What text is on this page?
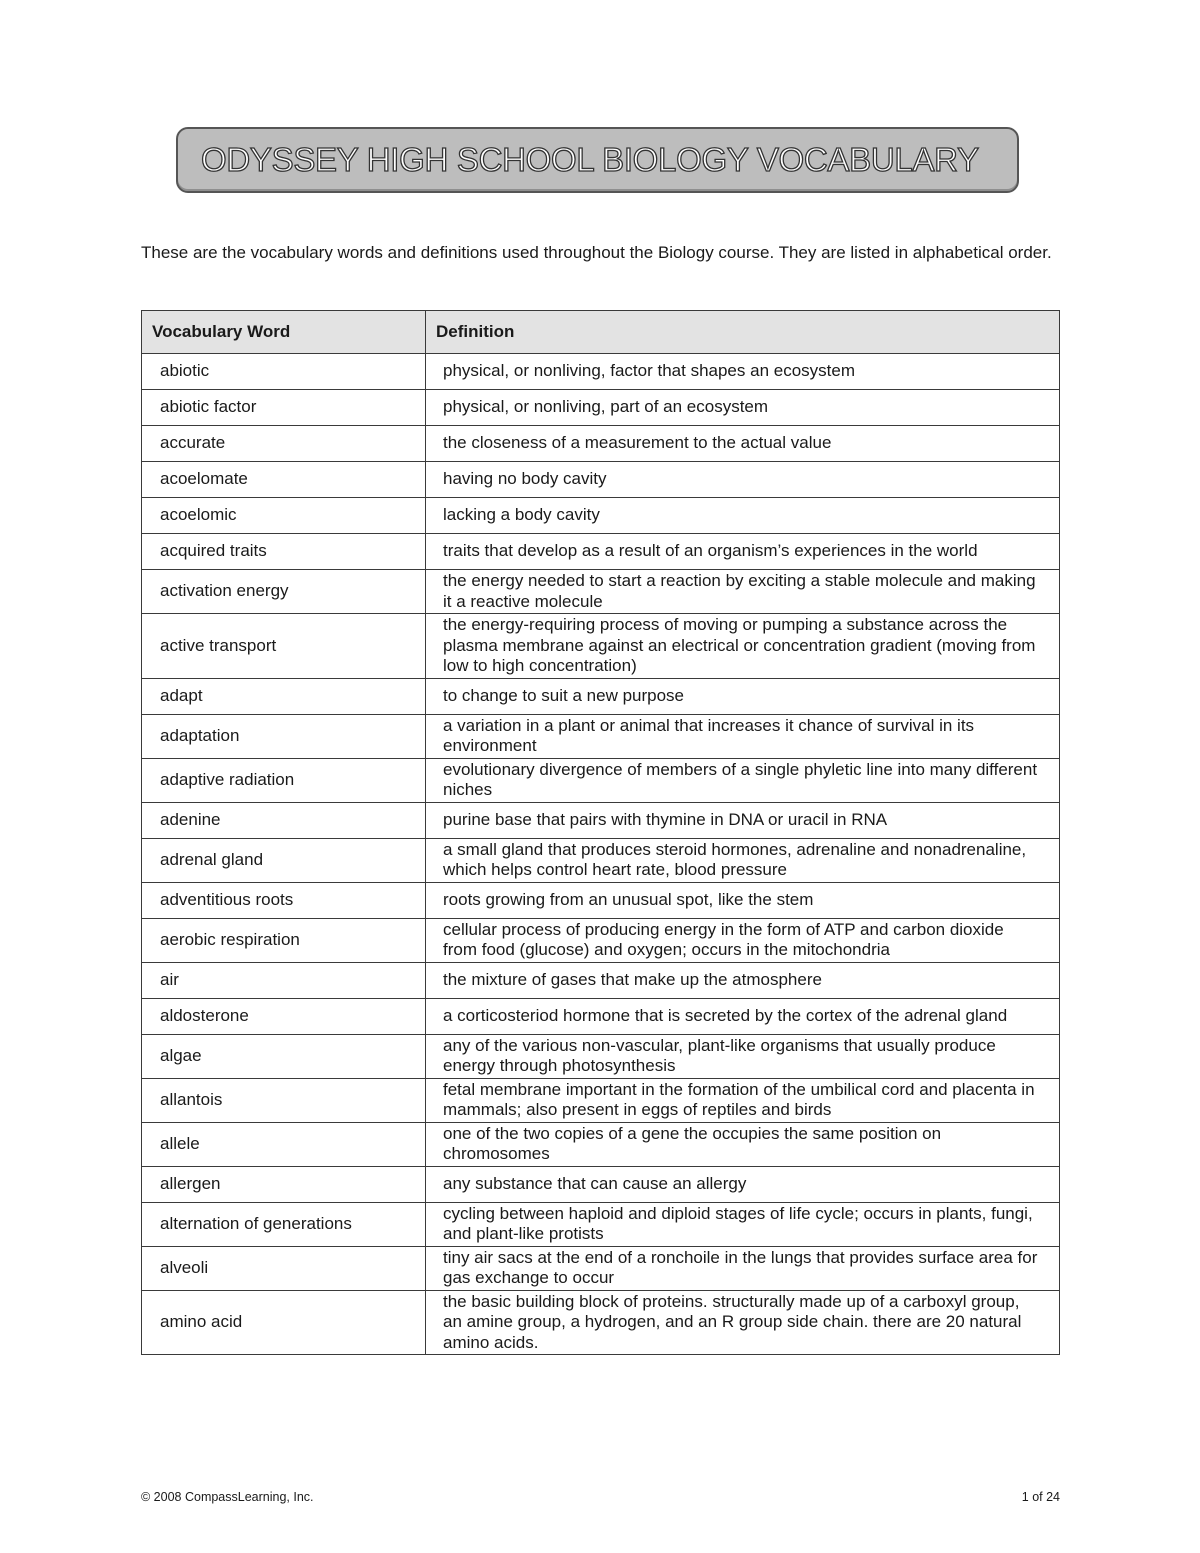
ODYSSEY HIGH SCHOOL BIOLOGY VOCABULARY

These are the vocabulary words and definitions used throughout the Biology course. They are listed in alphabetical order.

Vocabulary Word	Definition
abiotic	physical, or nonliving, factor that shapes an ecosystem
abiotic factor	physical, or nonliving, part of an ecosystem
accurate	the closeness of a measurement to the actual value
acoelomate	having no body cavity
acoelomic	lacking a body cavity
acquired traits	traits that develop as a result of an organism’s experiences in the world
activation energy	the energy needed to start a reaction by exciting a stable molecule and making it a reactive molecule
active transport	the energy-requiring process of moving or pumping a substance across the plasma membrane against an electrical or concentration gradient (moving from low to high concentration)
adapt	to change to suit a new purpose
adaptation	a variation in a plant or animal that increases it chance of survival in its environment
adaptive radiation	evolutionary divergence of members of a single phyletic line into many different niches
adenine	purine base that pairs with thymine in DNA or uracil in RNA
adrenal gland	a small gland that produces steroid hormones, adrenaline and nonadrenaline, which helps control heart rate, blood pressure
adventitious roots	roots growing from an unusual spot, like the stem
aerobic respiration	cellular process of producing energy in the form of ATP and carbon dioxide from food (glucose) and oxygen; occurs in the mitochondria
air	the mixture of gases that make up the atmosphere
aldosterone	a corticosteriod hormone that is secreted by the cortex of the adrenal gland
algae	any of the various non-vascular, plant-like organisms that usually produce energy through photosynthesis
allantois	fetal membrane important in the formation of the umbilical cord and placenta in mammals; also present in eggs of reptiles and birds
allele	one of the two copies of a gene the occupies the same position on chromosomes
allergen	any substance that can cause an allergy
alternation of generations	cycling between haploid and diploid stages of life cycle; occurs in plants, fungi, and plant-like protists
alveoli	tiny air sacs at the end of a ronchoile in the lungs that provides surface area for gas exchange to occur
amino acid	the basic building block of proteins. structurally made up of a carboxyl group, an amine group, a hydrogen, and an R group side chain. there are 20 natural amino acids.
© 2008 CompassLearning, Inc.	1 of 24
